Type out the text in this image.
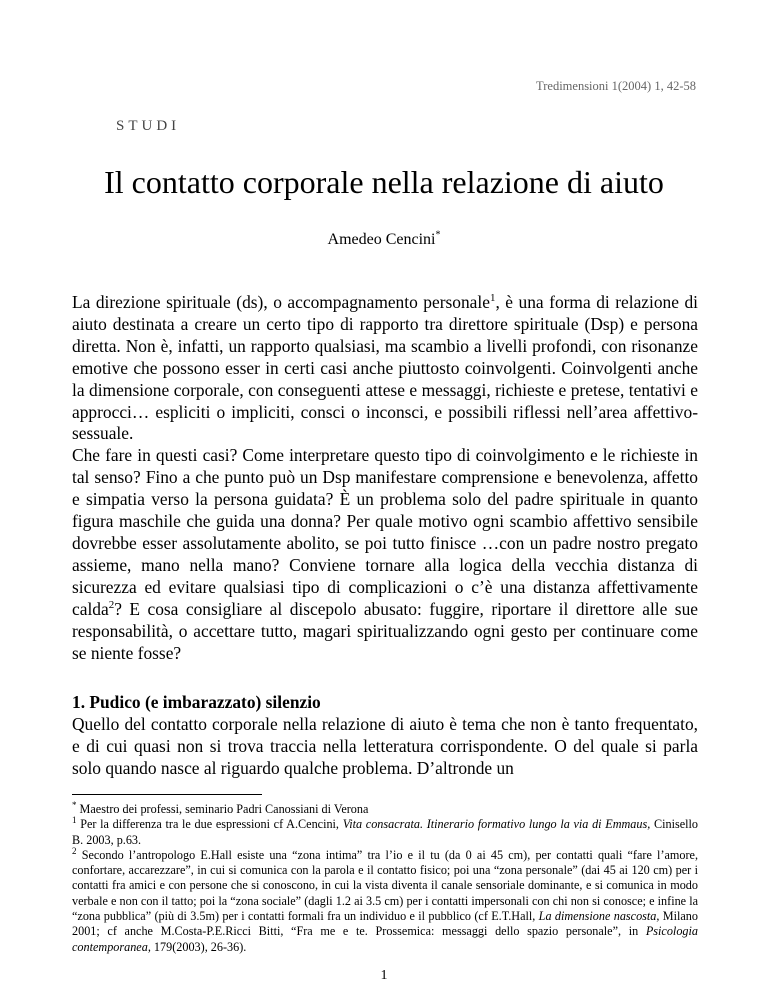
Tredimensioni 1(2004) 1, 42-58
STUDI
Il contatto corporale nella relazione di aiuto
Amedeo Cencini*

La direzione spirituale (ds), o accompagnamento personale$^1$, è una forma di relazione di aiuto destinata a creare un certo tipo di rapporto tra direttore spirituale (Dsp) e persona diretta. Non è, infatti, un rapporto qualsiasi, ma scambio a livelli profondi, con risonanze emotive che possono esser in certi casi anche piuttosto coinvolgenti. Coinvolgenti anche la dimensione corporale, con conseguenti attese e messaggi, richieste e pretese, tentativi e approcci… espliciti o impliciti, consci o inconsci, e possibili riflessi nell’area affettivo-sessuale.

Che fare in questi casi? Come interpretare questo tipo di coinvolgimento e le richieste in tal senso? Fino a che punto può un Dsp manifestare comprensione e benevolenza, affetto e simpatia verso la persona guidata? È un problema solo del padre spirituale in quanto figura maschile che guida una donna? Per quale motivo ogni scambio affettivo sensibile dovrebbe esser assolutamente abolito, se poi tutto finisce …con un padre nostro pregato assieme, mano nella mano? Conviene tornare alla logica della vecchia distanza di sicurezza ed evitare qualsiasi tipo di complicazioni o c’è una distanza affettivamente calda$^2$? E cosa consigliare al discepolo abusato: fuggire, riportare il direttore alle sue responsabilità, o accettare tutto, magari spiritualizzando ogni gesto per continuare come se niente fosse?

1. Pudico (e imbarazzato) silenzio

Quello del contatto corporale nella relazione di aiuto è tema che non è tanto frequentato, e di cui quasi non si trova traccia nella letteratura corrispondente. O del quale si parla solo quando nasce al riguardo qualche problema. D’altronde un

* Maestro dei professi, seminario Padri Canossiani di Verona

$^1$ Per la differenza tra le due espressioni cf A.Cencini, Vita consacrata. Itinerario formativo lungo la via di Emmaus, Cinisello B. 2003, p.63.

$^2$ Secondo l’antropologo E.Hall esiste una “zona intima” tra l’io e il tu (da 0 ai 45 cm), per contatti quali “fare l’amore, confortare, accarezzare”, in cui si comunica con la parola e il contatto fisico; poi una “zona personale” (dai 45 ai 120 cm) per i contatti fra amici e con persone che si conoscono, in cui la vista diventa il canale sensoriale dominante, e si comunica in modo verbale e non con il tatto; poi la “zona sociale” (dagli 1.2 ai 3.5 cm) per i contatti impersonali con chi non si conosce; e infine la “zona pubblica” (più di 3.5m) per i contatti formali fra un individuo e il pubblico (cf E.T.Hall, La dimensione nascosta, Milano 2001; cf anche M.Costa-P.E.Ricci Bitti, “Fra me e te. Prossemica: messaggi dello spazio personale”, in Psicologia contemporanea, 179(2003), 26-36).

1
